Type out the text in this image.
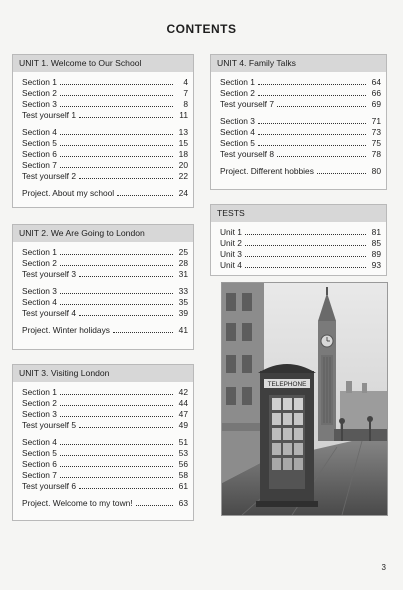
CONTENTS
UNIT 1. Welcome to Our School
Section 1	4
Section 2	7
Section 3	8
Test yourself 1	11
Section 4	13
Section 5	15
Section 6	18
Section 7	20
Test yourself 2	22
Project. About my school	24
UNIT 2. We Are Going to London
Section 1	25
Section 2	28
Test yourself 3	31
Section 3	33
Section 4	35
Test yourself 4	39
Project. Winter holidays	41
UNIT 3. Visiting London
Section 1	42
Section 2	44
Section 3	47
Test yourself 5	49
Section 4	51
Section 5	53
Section 6	56
Section 7	58
Test yourself 6	61
Project. Welcome to my town!	63
UNIT 4. Family Talks
Section 1	64
Section 2	66
Test yourself 7	69
Section 3	71
Section 4	73
Section 5	75
Test yourself 8	78
Project. Different hobbies	80
TESTS
Unit 1	81
Unit 2	85
Unit 3	89
Unit 4	93
TELEPHONE
3
